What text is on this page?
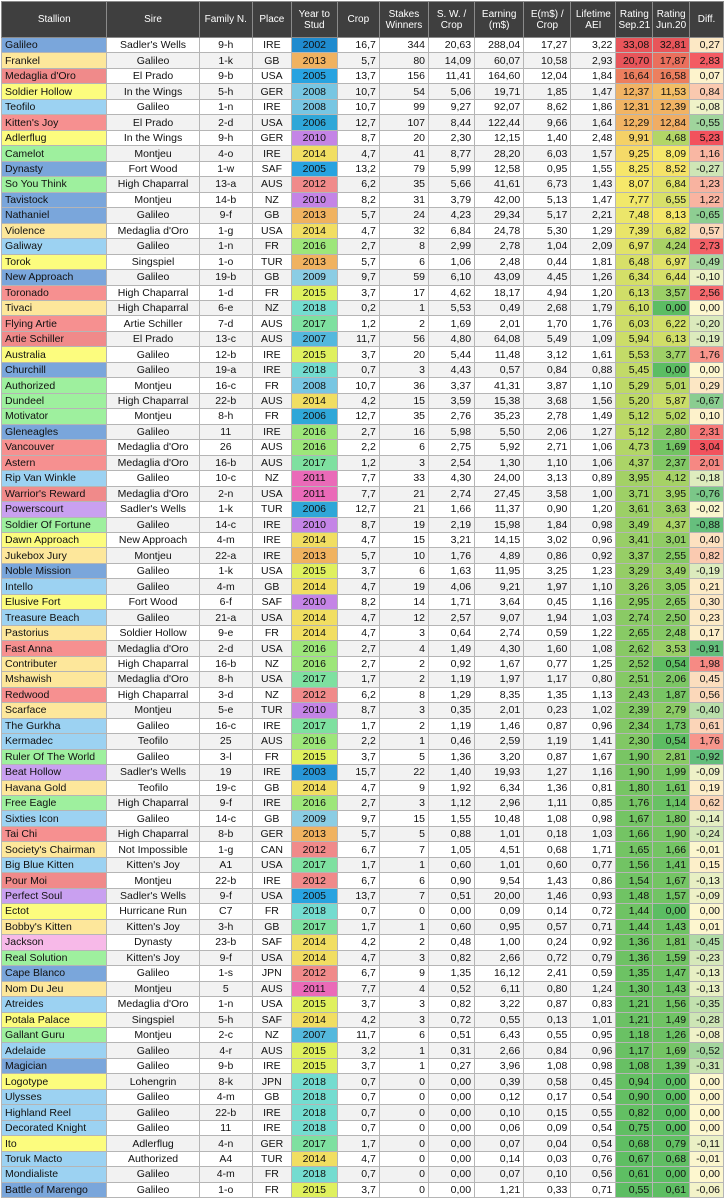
Stallion	Sire	Family N.	Place	Year to Stud	Crop	Stakes Winners	S. W. / Crop	Earning (m$)	E(m$) / Crop	Lifetime AEI	Rating Sep.21	Rating Jun.20	Diff.
Galileo	Sadler's Wells	9-h	IRE	2002	16,7	344	20,63	288,04	17,27	3,22	33,08	32,81	0,27
Frankel	Galileo	1-k	GB	2013	5,7	80	14,09	60,07	10,58	2,93	20,70	17,87	2,83
Medaglia d'Oro	El Prado	9-b	USA	2005	13,7	156	11,41	164,60	12,04	1,84	16,64	16,58	0,07
Soldier Hollow	In the Wings	5-h	GER	2008	10,7	54	5,06	19,71	1,85	1,47	12,37	11,53	0,84
Teofilo	Galileo	1-n	IRE	2008	10,7	99	9,27	92,07	8,62	1,86	12,31	12,39	-0,08
Kitten's Joy	El Prado	2-d	USA	2006	12,7	107	8,44	122,44	9,66	1,64	12,29	12,84	-0,55
Adlerflug	In the Wings	9-h	GER	2010	8,7	20	2,30	12,15	1,40	2,48	9,91	4,68	5,23
Camelot	Montjeu	4-o	IRE	2014	4,7	41	8,77	28,20	6,03	1,57	9,25	8,09	1,16
Dynasty	Fort Wood	1-w	SAF	2005	13,2	79	5,99	12,58	0,95	1,55	8,25	8,52	-0,27
So You Think	High Chaparral	13-a	AUS	2012	6,2	35	5,66	41,61	6,73	1,43	8,07	6,84	1,23
Tavistock	Montjeu	14-b	NZ	2010	8,2	31	3,79	42,00	5,13	1,47	7,77	6,55	1,22
Nathaniel	Galileo	9-f	GB	2013	5,7	24	4,23	29,34	5,17	2,21	7,48	8,13	-0,65
Violence	Medaglia d'Oro	1-g	USA	2014	4,7	32	6,84	24,78	5,30	1,29	7,39	6,82	0,57
Galiway	Galileo	1-n	FR	2016	2,7	8	2,99	2,78	1,04	2,09	6,97	4,24	2,73
Torok	Singspiel	1-o	TUR	2013	5,7	6	1,06	2,48	0,44	1,81	6,48	6,97	-0,49
New Approach	Galileo	19-b	GB	2009	9,7	59	6,10	43,09	4,45	1,26	6,34	6,44	-0,10
Toronado	High Chaparral	1-d	FR	2015	3,7	17	4,62	18,17	4,94	1,20	6,13	3,57	2,56
Tivaci	High Chaparral	6-e	NZ	2018	0,2	1	5,53	0,49	2,68	1,79	6,10	0,00	0,00
Flying Artie	Artie Schiller	7-d	AUS	2017	1,2	2	1,69	2,01	1,70	1,76	6,03	6,22	-0,20
Artie Schiller	El Prado	13-c	AUS	2007	11,7	56	4,80	64,08	5,49	1,09	5,94	6,13	-0,19
Australia	Galileo	12-b	IRE	2015	3,7	20	5,44	11,48	3,12	1,61	5,53	3,77	1,76
Churchill	Galileo	19-a	IRE	2018	0,7	3	4,43	0,57	0,84	0,88	5,45	0,00	0,00
Authorized	Montjeu	16-c	FR	2008	10,7	36	3,37	41,31	3,87	1,10	5,29	5,01	0,29
Dundeel	High Chaparral	22-b	AUS	2014	4,2	15	3,59	15,38	3,68	1,56	5,20	5,87	-0,67
Motivator	Montjeu	8-h	FR	2006	12,7	35	2,76	35,23	2,78	1,49	5,12	5,02	0,10
Gleneagles	Galileo	11	IRE	2016	2,7	16	5,98	5,50	2,06	1,27	5,12	2,80	2,31
Vancouver	Medaglia d'Oro	26	AUS	2016	2,2	6	2,75	5,92	2,71	1,06	4,73	1,69	3,04
Astern	Medaglia d'Oro	16-b	AUS	2017	1,2	3	2,54	1,30	1,10	1,06	4,37	2,37	2,01
Rip Van Winkle	Galileo	10-c	NZ	2011	7,7	33	4,30	24,00	3,13	0,89	3,95	4,12	-0,18
Warrior's Reward	Medaglia d'Oro	2-n	USA	2011	7,7	21	2,74	27,45	3,58	1,00	3,71	3,95	-0,76
Powerscourt	Sadler's Wells	1-k	TUR	2006	12,7	21	1,66	11,37	0,90	1,20	3,61	3,63	-0,02
Soldier Of Fortune	Galileo	14-c	IRE	2010	8,7	19	2,19	15,98	1,84	0,98	3,49	4,37	-0,88
Dawn Approach	New Approach	4-m	IRE	2014	4,7	15	3,21	14,15	3,02	0,96	3,41	3,01	0,40
Jukebox Jury	Montjeu	22-a	IRE	2013	5,7	10	1,76	4,89	0,86	0,92	3,37	2,55	0,82
Noble Mission	Galileo	1-k	USA	2015	3,7	6	1,63	11,95	3,25	1,23	3,29	3,49	-0,19
Intello	Galileo	4-m	GB	2014	4,7	19	4,06	9,21	1,97	1,10	3,26	3,05	0,21
Elusive Fort	Fort Wood	6-f	SAF	2010	8,2	14	1,71	3,64	0,45	1,16	2,95	2,65	0,30
Treasure Beach	Galileo	21-a	USA	2014	4,7	12	2,57	9,07	1,94	1,03	2,74	2,50	0,23
Pastorius	Soldier Hollow	9-e	FR	2014	4,7	3	0,64	2,74	0,59	1,22	2,65	2,48	0,17
Fast Anna	Medaglia d'Oro	2-d	USA	2016	2,7	4	1,49	4,30	1,60	1,08	2,62	3,53	-0,91
Contributer	High Chaparral	16-b	NZ	2016	2,7	2	0,92	1,67	0,77	1,25	2,52	0,54	1,98
Mshawish	Medaglia d'Oro	8-h	USA	2017	1,7	2	1,19	1,97	1,17	0,80	2,51	2,06	0,45
Redwood	High Chaparral	3-d	NZ	2012	6,2	8	1,29	8,35	1,35	1,13	2,43	1,87	0,56
Scarface	Montjeu	5-e	TUR	2010	8,7	3	0,35	2,01	0,23	1,02	2,39	2,79	-0,40
The Gurkha	Galileo	16-c	IRE	2017	1,7	2	1,19	1,46	0,87	0,96	2,34	1,73	0,61
Kermadec	Teofilo	25	AUS	2016	2,2	1	0,46	2,59	1,19	1,41	2,30	0,54	1,76
Ruler Of The World	Galileo	3-l	FR	2015	3,7	5	1,36	3,20	0,87	1,67	1,90	2,81	-0,92
Beat Hollow	Sadler's Wells	19	IRE	2003	15,7	22	1,40	19,93	1,27	1,16	1,90	1,99	-0,09
Havana Gold	Teofilo	19-c	GB	2014	4,7	9	1,92	6,34	1,36	0,81	1,80	1,61	0,19
Free Eagle	High Chaparral	9-f	IRE	2016	2,7	3	1,12	2,96	1,11	0,85	1,76	1,14	0,62
Sixties Icon	Galileo	14-c	GB	2009	9,7	15	1,55	10,48	1,08	0,98	1,67	1,80	-0,14
Tai Chi	High Chaparral	8-b	GER	2013	5,7	5	0,88	1,01	0,18	1,03	1,66	1,90	-0,24
Society's Chairman	Not Impossible	1-g	CAN	2012	6,7	7	1,05	4,51	0,68	1,71	1,65	1,66	-0,01
Big Blue Kitten	Kitten's Joy	A1	USA	2017	1,7	1	0,60	1,01	0,60	0,77	1,56	1,41	0,15
Pour Moi	Montjeu	22-b	IRE	2012	6,7	6	0,90	9,54	1,43	0,86	1,54	1,67	-0,13
Perfect Soul	Sadler's Wells	9-f	USA	2005	13,7	7	0,51	20,00	1,46	0,93	1,48	1,57	-0,09
Ectot	Hurricane Run	C7	FR	2018	0,7	0	0,00	0,09	0,14	0,72	1,44	0,00	0,00
Bobby's Kitten	Kitten's Joy	3-h	GB	2017	1,7	1	0,60	0,95	0,57	0,71	1,44	1,43	0,01
Jackson	Dynasty	23-b	SAF	2014	4,2	2	0,48	1,00	0,24	0,92	1,36	1,81	-0,45
Real Solution	Kitten's Joy	9-f	USA	2014	4,7	3	0,82	2,66	0,72	0,79	1,36	1,59	-0,23
Cape Blanco	Galileo	1-s	JPN	2012	6,7	9	1,35	16,12	2,41	0,59	1,35	1,47	-0,13
Nom Du Jeu	Montjeu	5	AUS	2011	7,7	4	0,52	6,11	0,80	1,24	1,30	1,43	-0,13
Atreides	Medaglia d'Oro	1-n	USA	2015	3,7	3	0,82	3,22	0,87	0,83	1,21	1,56	-0,35
Potala Palace	Singspiel	5-h	SAF	2014	4,2	3	0,72	0,55	0,13	1,01	1,21	1,49	-0,28
Gallant Guru	Montjeu	2-c	NZ	2007	11,7	6	0,51	6,43	0,55	0,95	1,18	1,26	-0,08
Adelaide	Galileo	4-r	AUS	2015	3,2	1	0,31	2,66	0,84	0,96	1,17	1,69	-0,52
Magician	Galileo	9-b	IRE	2015	3,7	1	0,27	3,96	1,08	0,98	1,08	1,39	-0,31
Logotype	Lohengrin	8-k	JPN	2018	0,7	0	0,00	0,39	0,58	0,45	0,94	0,00	0,00
Ulysses	Galileo	4-m	GB	2018	0,7	0	0,00	0,12	0,17	0,54	0,90	0,00	0,00
Highland Reel	Galileo	22-b	IRE	2018	0,7	0	0,00	0,10	0,15	0,55	0,82	0,00	0,00
Decorated Knight	Galileo	11	IRE	2018	0,7	0	0,00	0,06	0,09	0,54	0,75	0,00	0,00
Ito	Adlerflug	4-n	GER	2017	1,7	0	0,00	0,07	0,04	0,54	0,68	0,79	-0,11
Toruk Macto	Authorized	A4	TUR	2014	4,7	0	0,00	0,14	0,03	0,76	0,67	0,68	-0,01
Mondialiste	Galileo	4-m	FR	2018	0,7	0	0,00	0,07	0,10	0,56	0,61	0,00	0,00
Battle of Marengo	Galileo	1-o	FR	2015	3,7	0	0,00	1,21	0,33	0,71	0,55	0,61	-0,06
